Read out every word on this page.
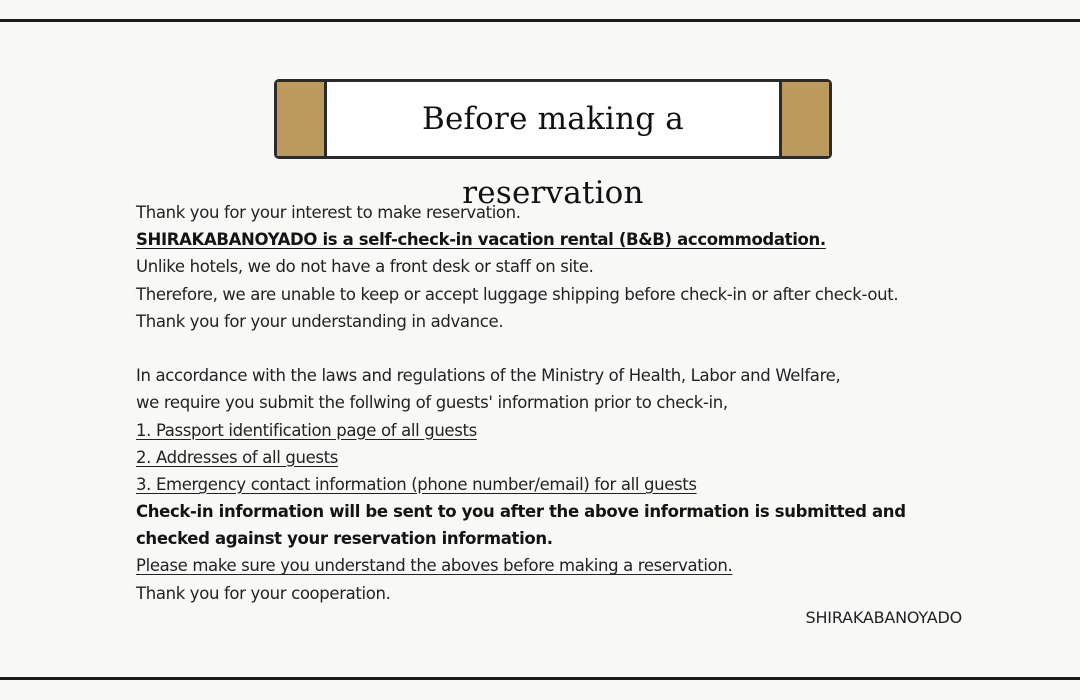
Before making a reservation
Thank you for your interest to make reservation.
SHIRAKABANOYADO is a self-check-in vacation rental (B&B) accommodation.
Unlike hotels, we do not have a front desk or staff on site.
Therefore, we are unable to keep or accept luggage shipping before check-in or after check-out.
Thank you for your understanding in advance.
In accordance with the laws and regulations of the Ministry of Health, Labor and Welfare,
we require you submit the follwing of guests' information prior to check-in,
1. Passport identification page of all guests
2. Addresses of all guests
3. Emergency contact information (phone number/email) for all guests
Check-in information will be sent to you after the above information is submitted and checked against your reservation information.
Please make sure you understand the aboves before making a reservation.
Thank you for your cooperation.
SHIRAKABANOYADO
